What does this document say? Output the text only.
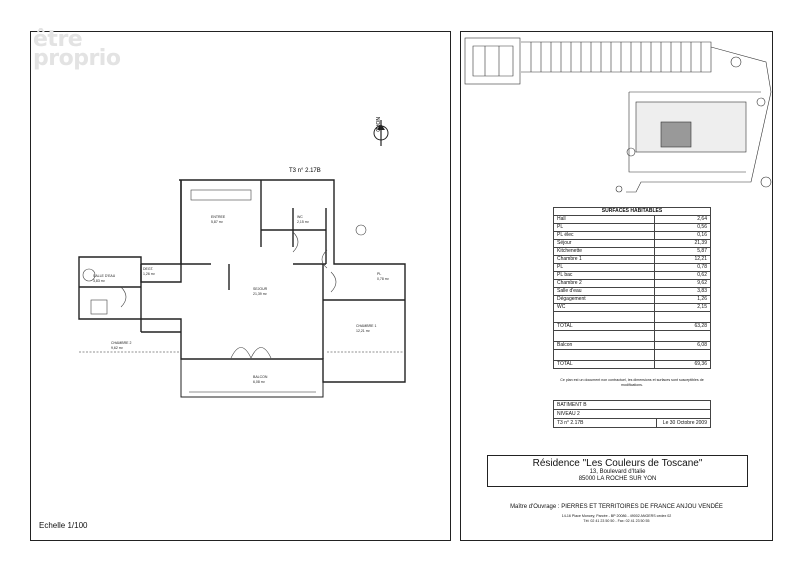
être
proprio
ENTREE
5,87 m²
SALLE D'EAU
3,83 m²
DEGT.
1,26 m²
CHAMBRE 2
9,62 m²
SEJOUR
21,39 m²
CHAMBRE 1
12,21 m²
BALCON
6,08 m²
WC
2,15 m²
PL
0,78 m²
T3 n° 2.17B
NORD
Echelle 1/100
SURFACES HABITABLES	
Hall	2,64
PL	0,56
PL élec	0,16
Séjour	21,39
Kitchenette	5,87
Chambre 1	12,21
PL	0,78
PL bac	0,62
Chambre 2	9,62
Salle d'eau	3,83
Dégagement	1,26
WC	2,15

TOTAL	63,28

Balcon	6,08

TOTAL	69,36
Ce plan est un document non contractuel, les dimensions et surfaces sont susceptibles de modifications.
BATIMENT B
NIVEAU 2
T3 n° 2.17B	Le 30 Octobre 2009
Résidence "Les Couleurs de Toscane"
13, Boulevard d'Italie
85000 LA ROCHE SUR YON
Maître d'Ouvrage : PIERRES ET TERRITOIRES DE FRANCE ANJOU VENDÉE
14-16 Place Moncey, Parcée - BP 20086 - 49002 ANGERS cedex 02
Tél: 02 41 23 50 50 - Fax: 02 41 23 50 55
